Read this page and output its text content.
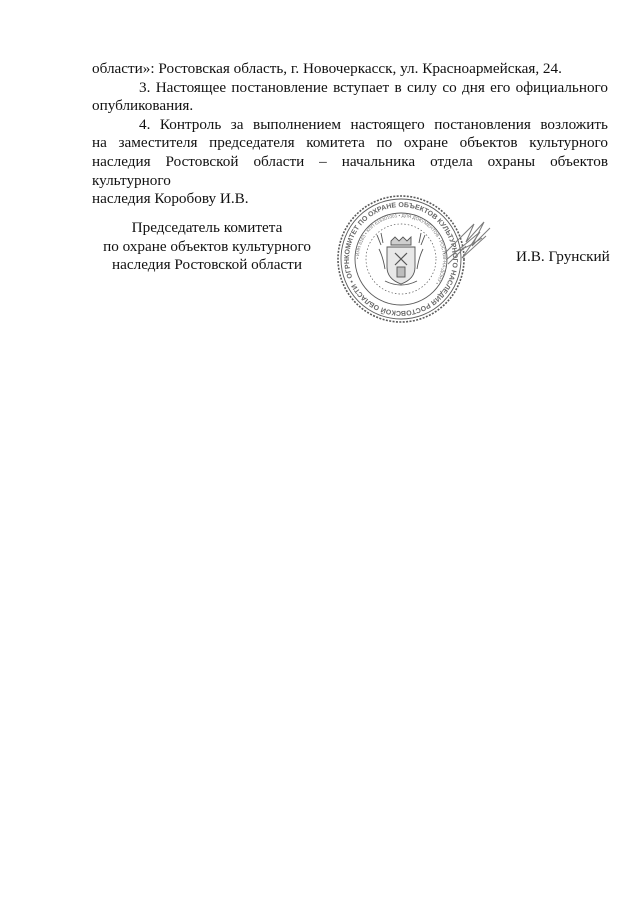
области»: Ростовская область, г. Новочеркасск, ул. Красноармейская, 24.

3. Настоящее постановление вступает в силу со дня его официального
опубликования.

4. Контроль за выполнением настоящего постановления возложить
на заместителя председателя комитета по охране объектов культурного
наследия Ростовской области – начальника отдела охраны объектов культурного
наследия Коробову И.В.

Председатель комитета
по охране объектов культурного
наследия Ростовской области	КОМИТЕТ ПО ОХРАНЕ ОБЪЕКТОВ КУЛЬТУРНОГО НАСЛЕДИЯ РОСТОВСКОЙ ОБЛАСТИ • ОГРН
• ИНН 6163 • КПП 616301001 • ДЛЯ ДОКУМЕНТОВ • РОСТОВ-НА-ДОНУ •
И.В. Грунский
